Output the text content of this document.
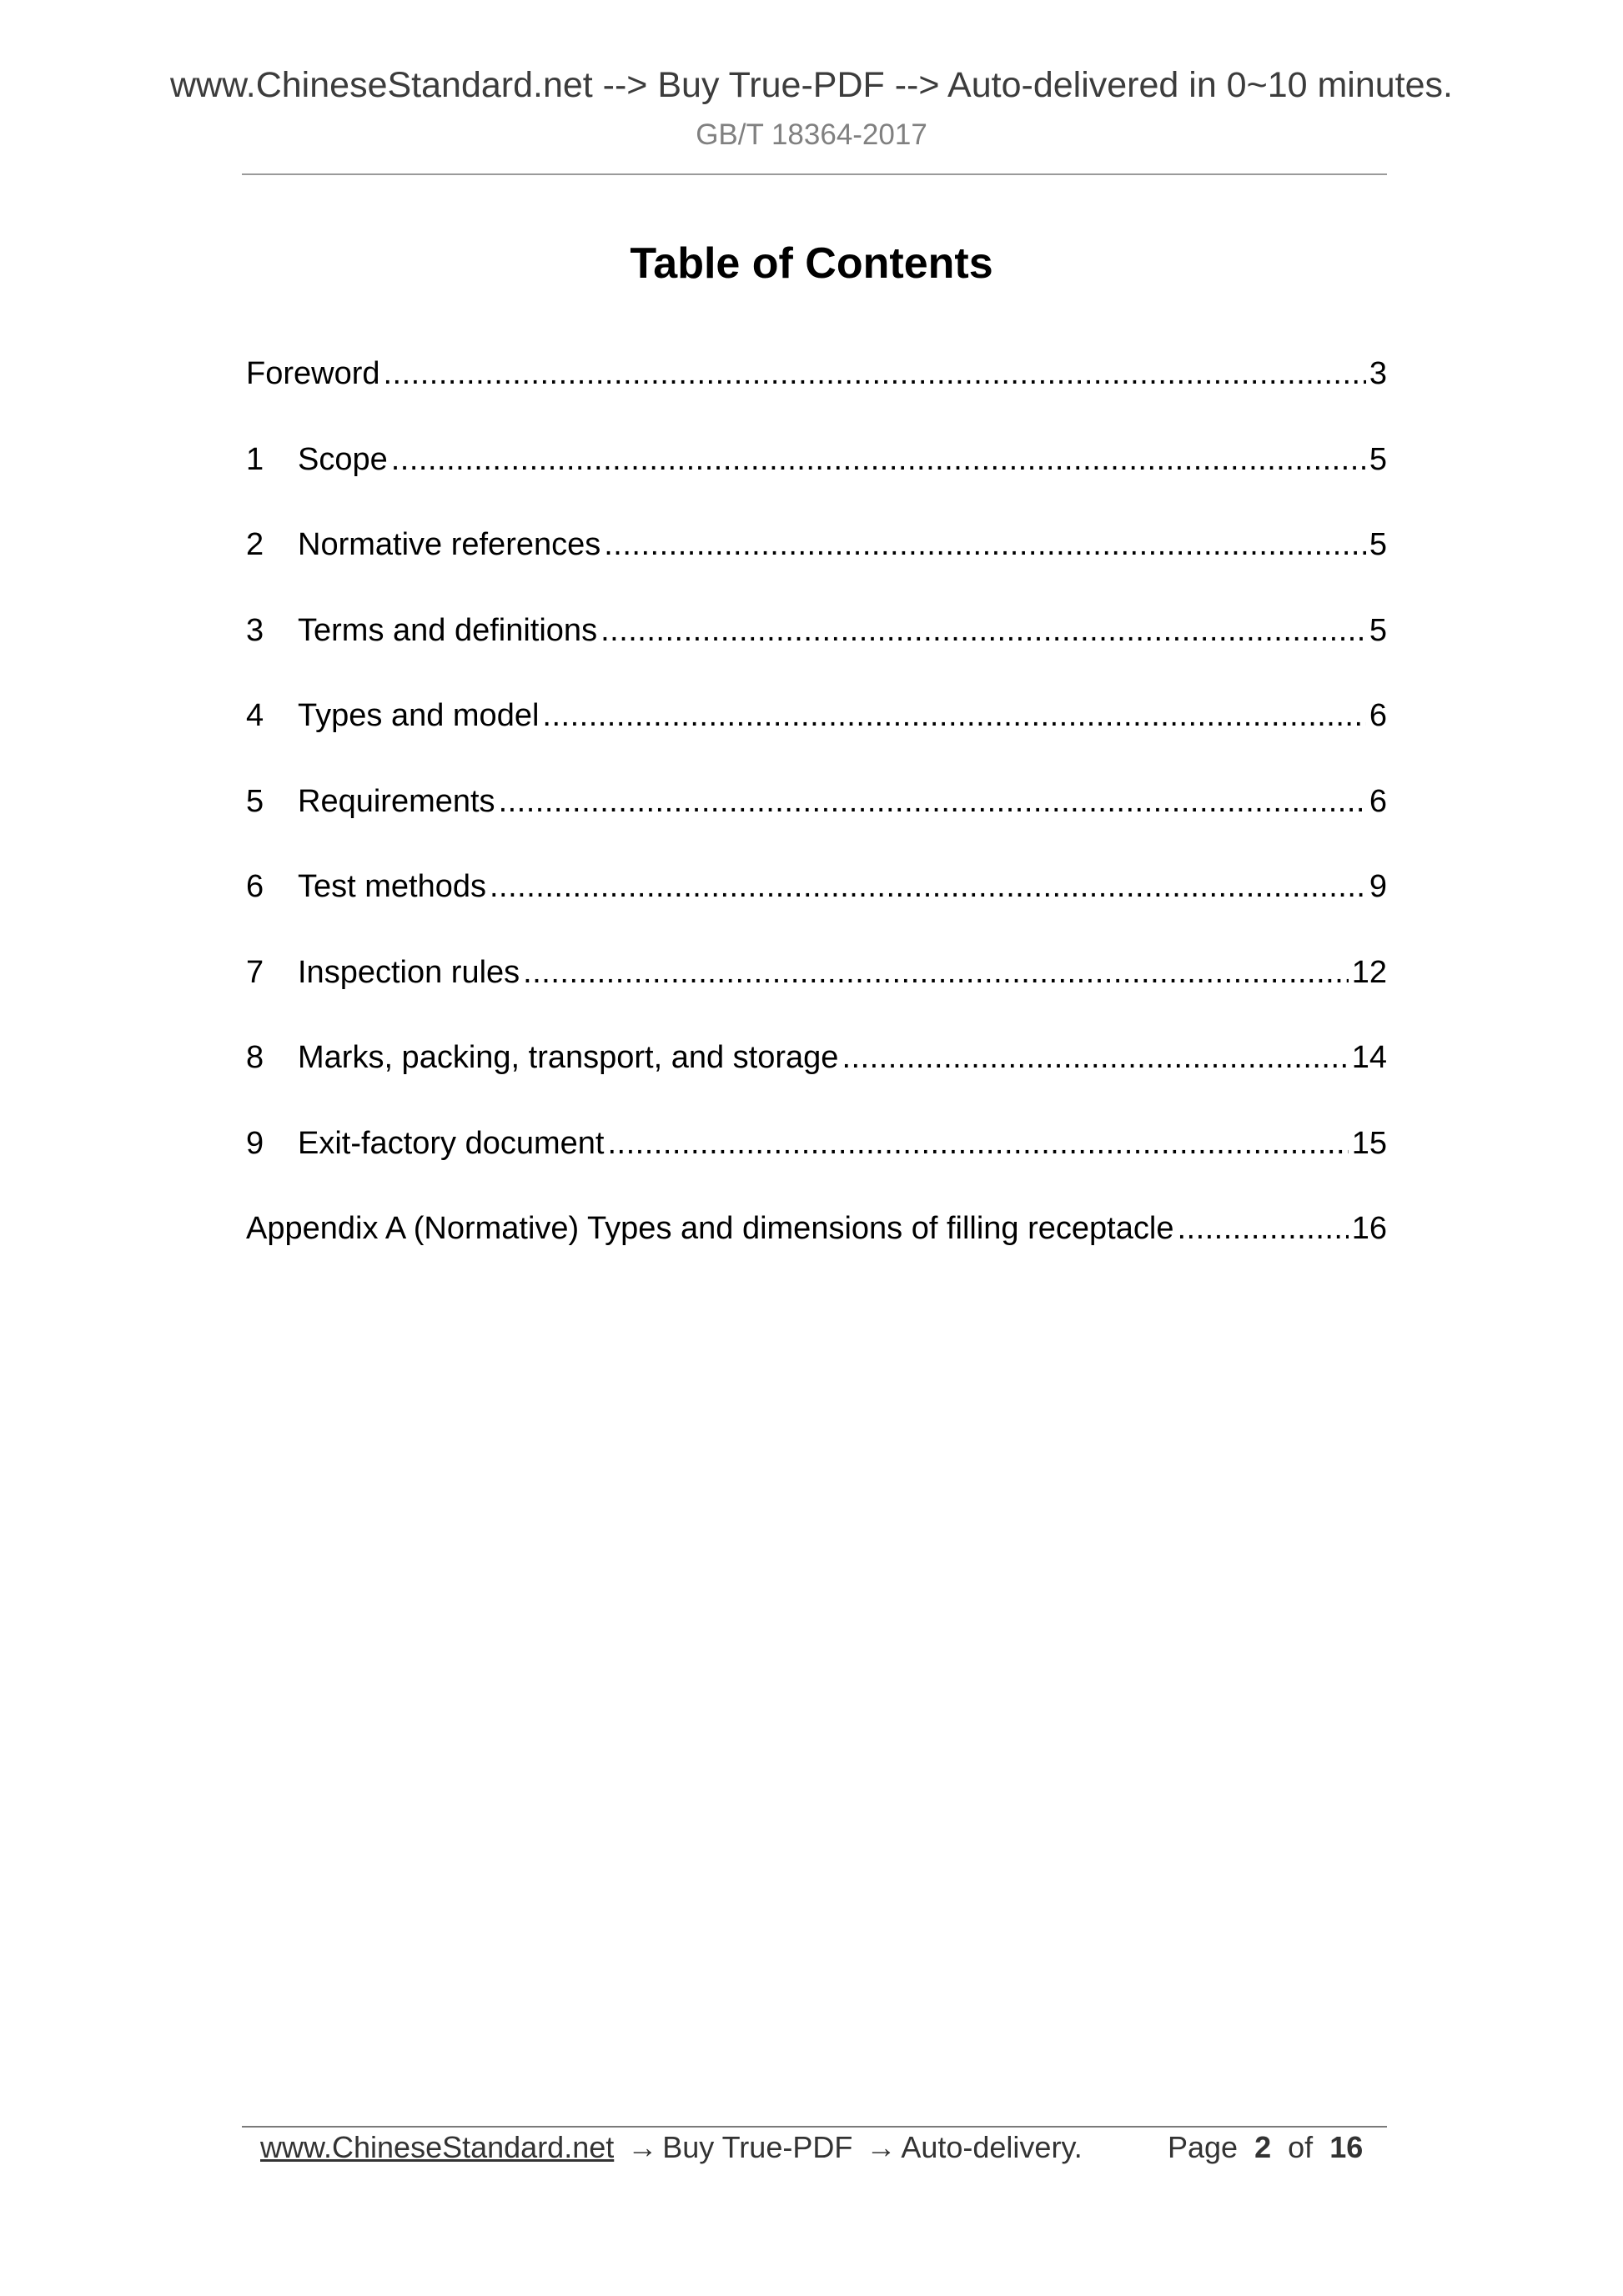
www.ChineseStandard.net --> Buy True-PDF --> Auto-delivered in 0~10 minutes.
GB/T 18364-2017
Table of Contents
Foreword .....	3
1	Scope .....	5
2	Normative references .....	5
3	Terms and definitions .....	5
4	Types and model .....	6
5	Requirements .....	6
6	Test methods .....	9
7	Inspection rules .....	12
8	Marks, packing, transport, and storage .....	14
9	Exit-factory document .....	15
Appendix A (Normative) Types and dimensions of filling receptacle .....	16
www.ChineseStandard.net → Buy True-PDF → Auto-delivery.	Page 2 of 16
